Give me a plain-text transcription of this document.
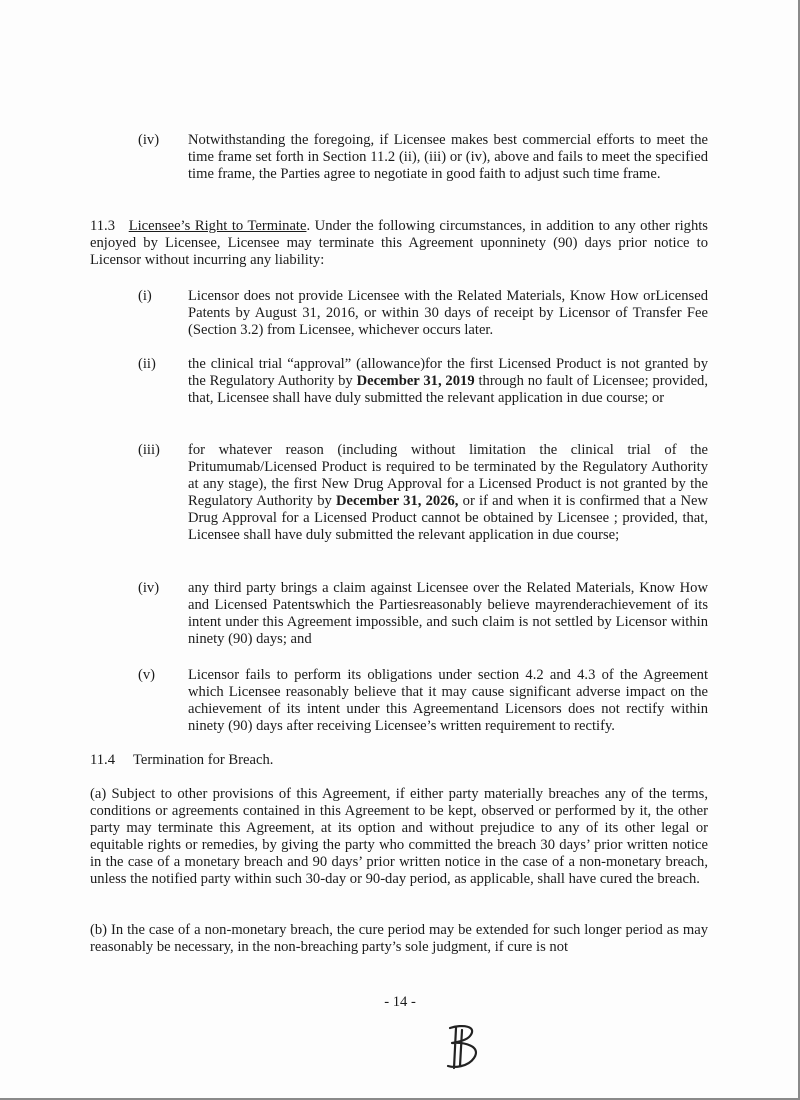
(iv)	Notwithstanding the foregoing, if Licensee makes best commercial efforts to meet the time frame set forth in Section 11.2 (ii), (iii) or (iv), above and fails to meet the specified time frame, the Parties agree to negotiate in good faith to adjust such time frame.
11.3 Licensee’s Right to Terminate. Under the following circumstances, in addition to any other rights enjoyed by Licensee, Licensee may terminate this Agreement uponninety (90) days prior notice to Licensor without incurring any liability:
(i)	Licensor does not provide Licensee with the Related Materials, Know How orLicensed Patents by August 31, 2016, or within 30 days of receipt by Licensor of Transfer Fee (Section 3.2) from Licensee, whichever occurs later.
(ii)	the clinical trial “approval” (allowance)for the first Licensed Product is not granted by the Regulatory Authority by December 31, 2019 through no fault of Licensee; provided, that, Licensee shall have duly submitted the relevant application in due course; or
(iii)	for whatever reason (including without limitation the clinical trial of the Pritumumab/Licensed Product is required to be terminated by the Regulatory Authority at any stage), the first New Drug Approval for a Licensed Product is not granted by the Regulatory Authority by December 31, 2026, or if and when it is confirmed that a New Drug Approval for a Licensed Product cannot be obtained by Licensee ; provided, that, Licensee shall have duly submitted the relevant application in due course;
(iv)	any third party brings a claim against Licensee over the Related Materials, Know How and Licensed Patentswhich the Partiesreasonably believe mayrenderachievement of its intent under this Agreement impossible, and such claim is not settled by Licensor within ninety (90) days; and
(v)	Licensor fails to perform its obligations under section 4.2 and 4.3 of the Agreement which Licensee reasonably believe that it may cause significant adverse impact on the achievement of its intent under this Agreementand Licensors does not rectify within ninety (90) days after receiving Licensee’s written requirement to rectify.
11.4 Termination for Breach.
(a) Subject to other provisions of this Agreement, if either party materially breaches any of the terms, conditions or agreements contained in this Agreement to be kept, observed or performed by it, the other party may terminate this Agreement, at its option and without prejudice to any of its other legal or equitable rights or remedies, by giving the party who committed the breach 30 days’ prior written notice in the case of a monetary breach and 90 days’ prior written notice in the case of a non-monetary breach, unless the notified party within such 30-day or 90-day period, as applicable, shall have cured the breach.
(b) In the case of a non-monetary breach, the cure period may be extended for such longer period as may reasonably be necessary, in the non-breaching party’s sole judgment, if cure is not
- 14 -
